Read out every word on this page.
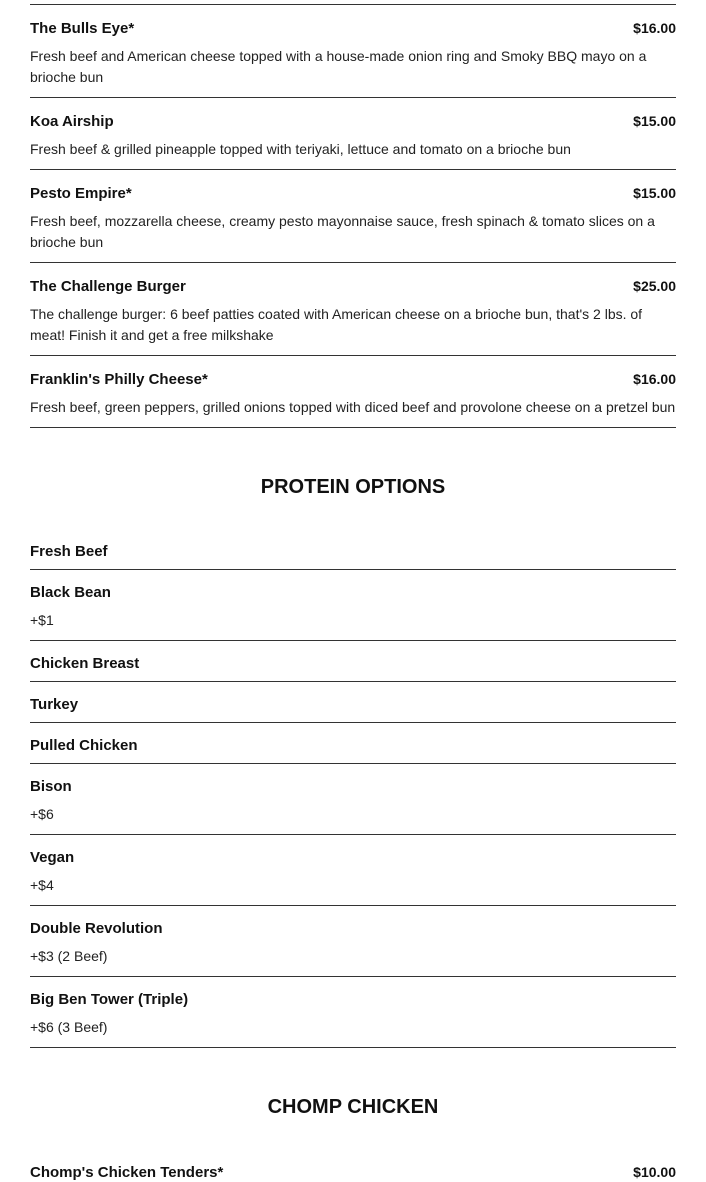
The Bulls Eye*	$16.00
Fresh beef and American cheese topped with a house-made onion ring and Smoky BBQ mayo on a brioche bun
Koa Airship	$15.00
Fresh beef & grilled pineapple topped with teriyaki, lettuce and tomato on a brioche bun
Pesto Empire*	$15.00
Fresh beef, mozzarella cheese, creamy pesto mayonnaise sauce, fresh spinach & tomato slices on a brioche bun
The Challenge Burger	$25.00
The challenge burger: 6 beef patties coated with American cheese on a brioche bun, that's 2 lbs. of meat! Finish it and get a free milkshake
Franklin's Philly Cheese*	$16.00
Fresh beef, green peppers, grilled onions topped with diced beef and provolone cheese on a pretzel bun
PROTEIN OPTIONS
Fresh Beef
Black Bean
+$1
Chicken Breast
Turkey
Pulled Chicken
Bison
+$6
Vegan
+$4
Double Revolution
+$3 (2 Beef)
Big Ben Tower (Triple)
+$6 (3 Beef)
CHOMP CHICKEN
Chomp's Chicken Tenders*	$10.00
